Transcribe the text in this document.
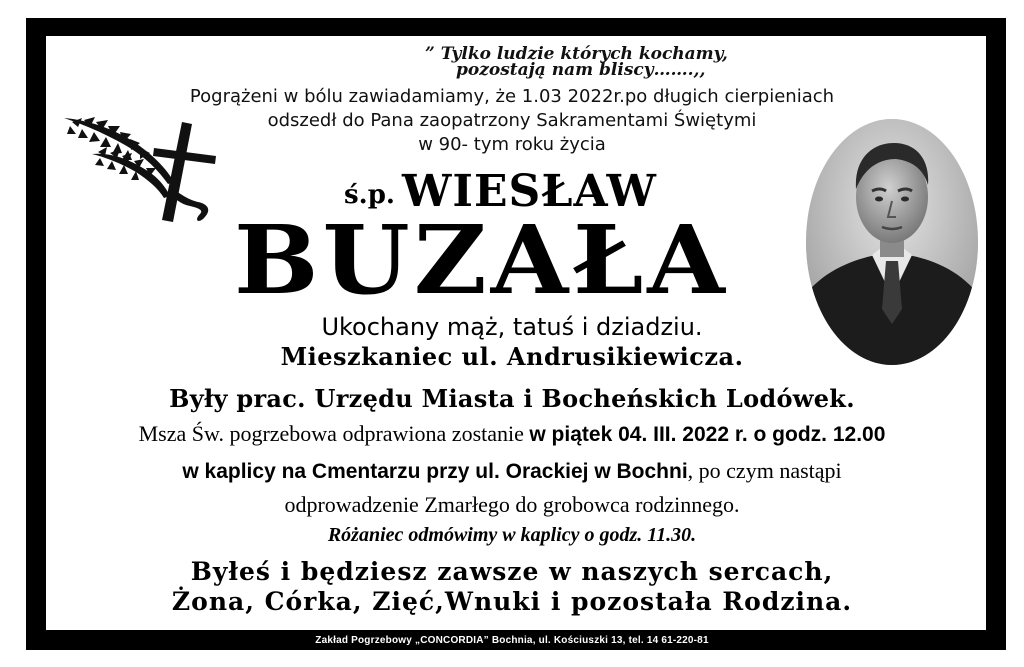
” Tylko ludzie których kochamy,
pozostają nam bliscy…….,,
Pogrążeni w bólu zawiadamiamy, że 1.03 2022r.po długich cierpieniach
odszedł do Pana zaopatrzony Sakramentami Świętymi
w 90- tym roku życia
ś.p. WIESŁAW
BUZAŁA
Ukochany mąż, tatuś i dziadziu.
Mieszkaniec ul. Andrusikiewicza.
Były prac. Urzędu Miasta i Bocheńskich Lodówek.
Msza Św. pogrzebowa odprawiona zostanie w piątek 04. III. 2022 r. o godz. 12.00
w kaplicy na Cmentarzu przy ul. Orackiej w Bochni, po czym nastąpi
odprowadzenie Zmarłego do grobowca rodzinnego.
Różaniec odmówimy w kaplicy o godz. 11.30.
Byłeś i będziesz zawsze w naszych sercach,
Żona, Córka, Zięć,Wnuki i pozostała Rodzina.
Zakład Pogrzebowy „CONCORDIA” Bochnia, ul. Kościuszki 13, tel. 14 61-220-81
